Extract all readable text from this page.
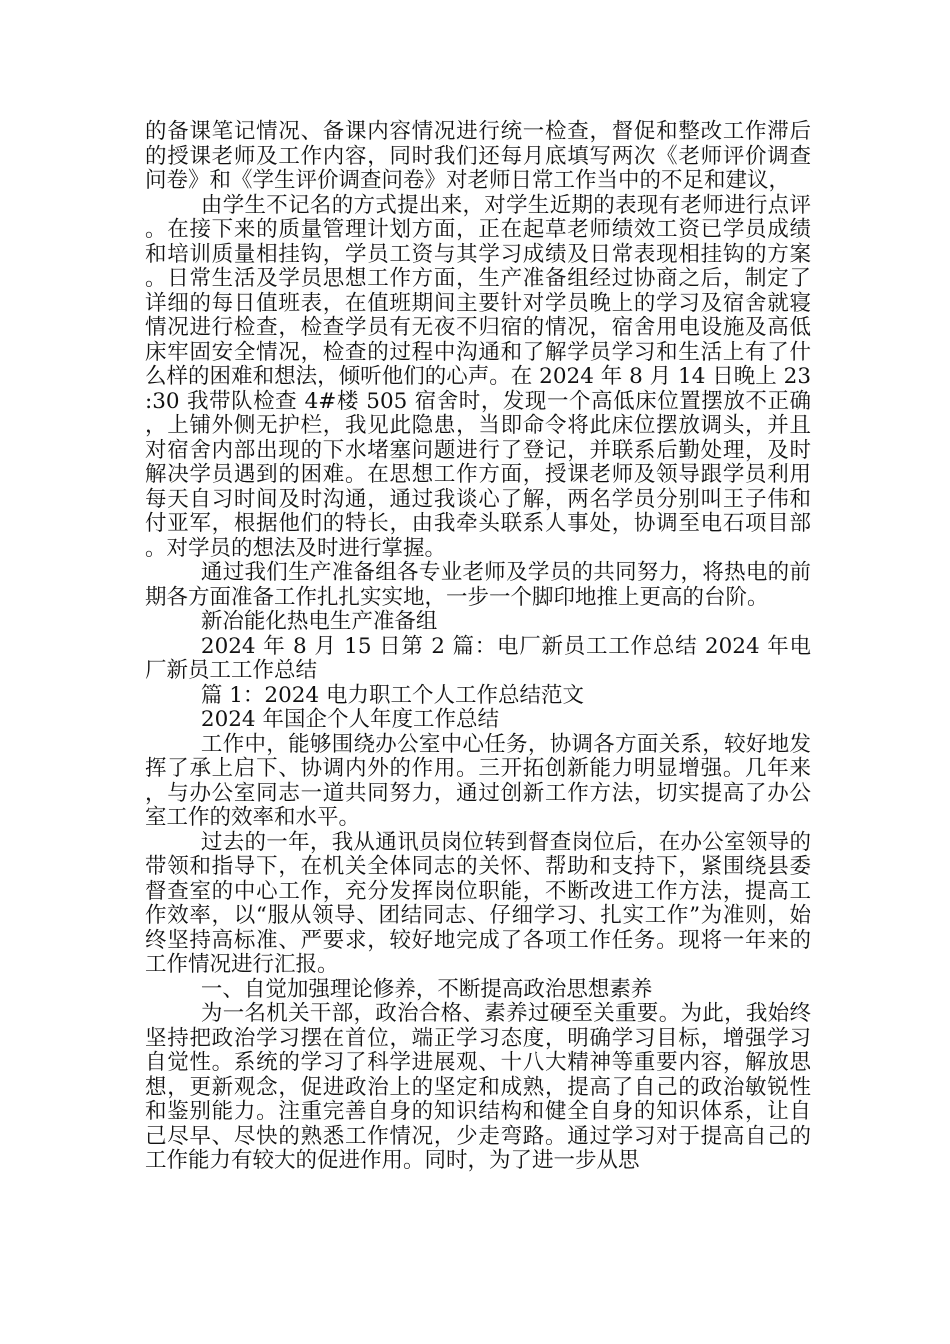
的备课笔记情况、备课内容情况进行统一检查，督促和整改工作滞后的授课老师及工作内容，同时我们还每月底填写两次《老师评价调查问卷》和《学生评价调查问卷》对老师日常工作当中的不足和建议，

由学生不记名的方式提出来，对学生近期的表现有老师进行点评。在接下来的质量管理计划方面，正在起草老师绩效工资已学员成绩和培训质量相挂钩，学员工资与其学习成绩及日常表现相挂钩的方案。日常生活及学员思想工作方面，生产准备组经过协商之后，制定了详细的每日值班表，在值班期间主要针对学员晚上的学习及宿舍就寝情况进行检查，检查学员有无夜不归宿的情况，宿舍用电设施及高低床牢固安全情况，检查的过程中沟通和了解学员学习和生活上有了什么样的困难和想法，倾听他们的心声。在 2024 年 8 月 14 日晚上 23:30 我带队检查 4#楼 505 宿舍时，发现一个高低床位置摆放不正确，上铺外侧无护栏，我见此隐患，当即命令将此床位摆放调头，并且对宿舍内部出现的下水堵塞问题进行了登记，并联系后勤处理，及时解决学员遇到的困难。在思想工作方面，授课老师及领导跟学员利用每天自习时间及时沟通，通过我谈心了解，两名学员分别叫王子伟和付亚军，根据他们的特长，由我牵头联系人事处，协调至电石项目部。对学员的想法及时进行掌握。

通过我们生产准备组各专业老师及学员的共同努力，将热电的前期各方面准备工作扎扎实实地，一步一个脚印地推上更高的台阶。

新冶能化热电生产准备组

2024 年 8 月 15 日第 2 篇：电厂新员工工作总结 2024 年电厂新员工工作总结

篇 1：2024 电力职工个人工作总结范文

2024 年国企个人年度工作总结

工作中，能够围绕办公室中心任务，协调各方面关系，较好地发挥了承上启下、协调内外的作用。三开拓创新能力明显增强。几年来，与办公室同志一道共同努力，通过创新工作方法，切实提高了办公室工作的效率和水平。

过去的一年，我从通讯员岗位转到督查岗位后，在办公室领导的带领和指导下，在机关全体同志的关怀、帮助和支持下，紧围绕县委督查室的中心工作，充分发挥岗位职能，不断改进工作方法，提高工作效率，以“服从领导、团结同志、仔细学习、扎实工作”为准则，始终坚持高标准、严要求，较好地完成了各项工作任务。现将一年来的工作情况进行汇报。

一、自觉加强理论修养，不断提高政治思想素养

为一名机关干部，政治合格、素养过硬至关重要。为此，我始终坚持把政治学习摆在首位，端正学习态度，明确学习目标，增强学习自觉性。系统的学习了科学进展观、十八大精神等重要内容，解放思想，更新观念，促进政治上的坚定和成熟，提高了自己的政治敏锐性和鉴别能力。注重完善自身的知识结构和健全自身的知识体系，让自己尽早、尽快的熟悉工作情况，少走弯路。通过学习对于提高自己的工作能力有较大的促进作用。同时，为了进一步从思
